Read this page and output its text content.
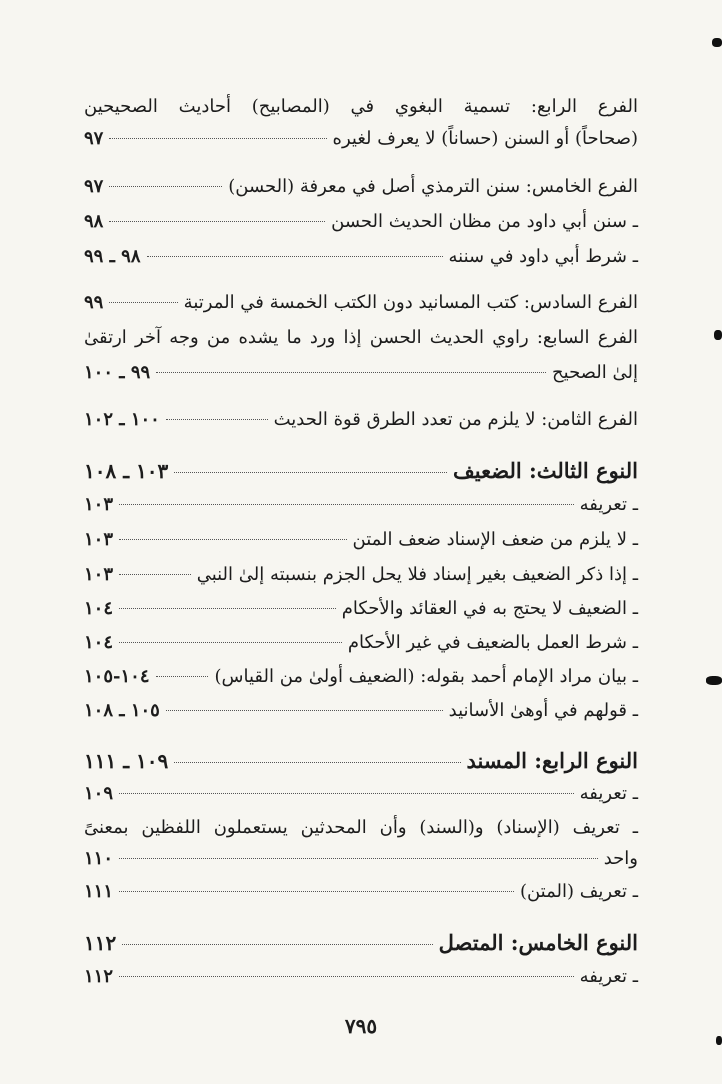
الفرع الرابع: تسمية البغوي في (المصابيح) أحاديث الصحيحين
(صحاحاً) أو السنن (حساناً) لا يعرف لغيره
٩٧
الفرع الخامس: سنن الترمذي أصل في معرفة (الحسن)
٩٧
ـ سنن أبي داود من مظان الحديث الحسن
٩٨
ـ شرط أبي داود في سننه
٩٨ ـ ٩٩
الفرع السادس: كتب المسانيد دون الكتب الخمسة في المرتبة
٩٩
الفرع السابع: راوي الحديث الحسن إذا ورد ما يشده من وجه آخر ارتقىٰ
إلىٰ الصحيح
٩٩ ـ ١٠٠
الفرع الثامن: لا يلزم من تعدد الطرق قوة الحديث
١٠٠ ـ ١٠٢
النوع الثالث: الضعيف
١٠٣ ـ ١٠٨
ـ تعريفه
١٠٣
ـ لا يلزم من ضعف الإسناد ضعف المتن
١٠٣
ـ إذا ذكر الضعيف بغير إسناد فلا يحل الجزم بنسبته إلىٰ النبي
١٠٣
ـ الضعيف لا يحتج به في العقائد والأحكام
١٠٤
ـ شرط العمل بالضعيف في غير الأحكام
١٠٤
ـ بيان مراد الإمام أحمد بقوله: (الضعيف أولىٰ من القياس)
١٠٤-١٠٥
ـ قولهم في أوهىٰ الأسانيد
١٠٥ ـ ١٠٨
النوع الرابع: المسند
١٠٩ ـ ١١١
ـ تعريفه
١٠٩
ـ تعريف (الإسناد) و(السند) وأن المحدثين يستعملون اللفظين بمعنىً
واحد
١١٠
ـ تعريف (المتن)
١١١
النوع الخامس: المتصل
١١٢
ـ تعريفه
١١٢
٧٩٥
